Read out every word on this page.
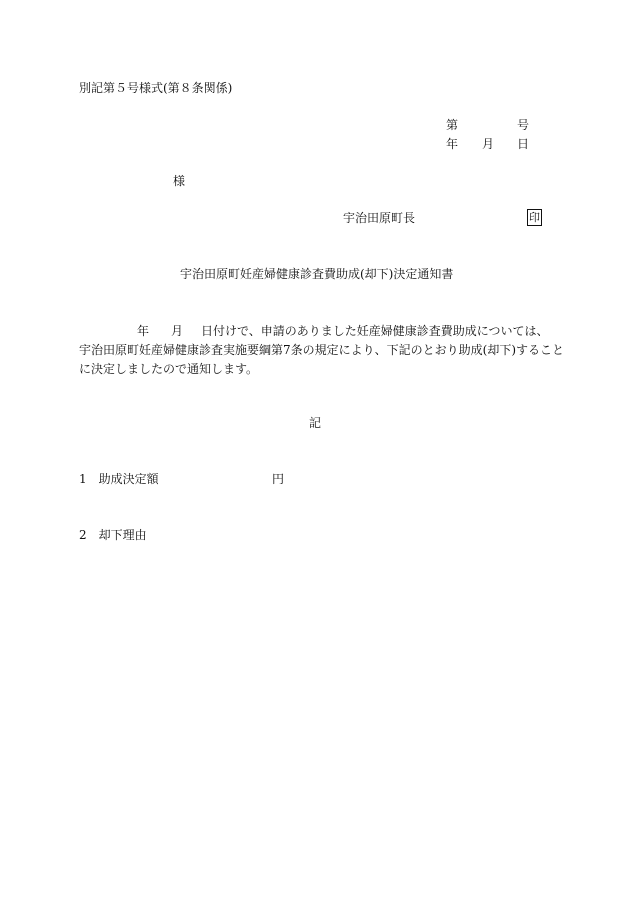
別記第５号様式(第８条関係)
第	号
年 月 日
様
宇治田原町長	印
宇治田原町妊産婦健康診査費助成(却下)決定通知書
年 月 日付けで、申請のありました妊産婦健康診査費助成については、
宇治田原町妊産婦健康診査実施要綱第7条の規定により、下記のとおり助成(却下)すること
に決定しましたので通知します。
記
1　助成決定額	円
2　却下理由
